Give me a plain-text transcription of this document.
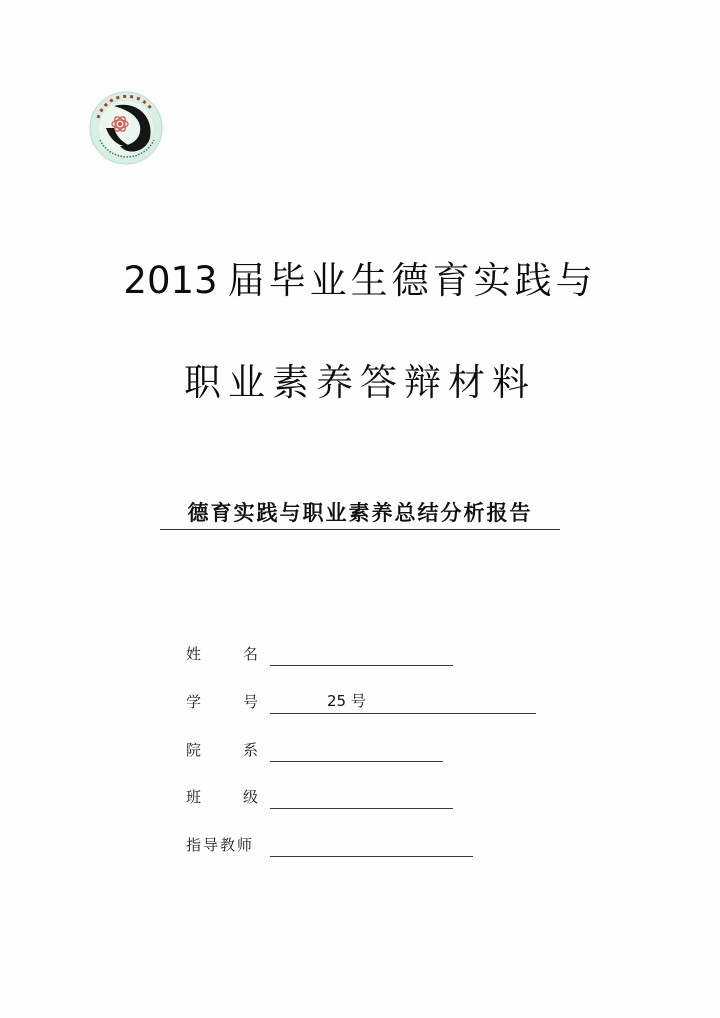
2013 届毕业生德育实践与
职业素养答辩材料
德育实践与职业素养总结分析报告
姓	名
学	号	25 号
院	系
班	级
指导教师
